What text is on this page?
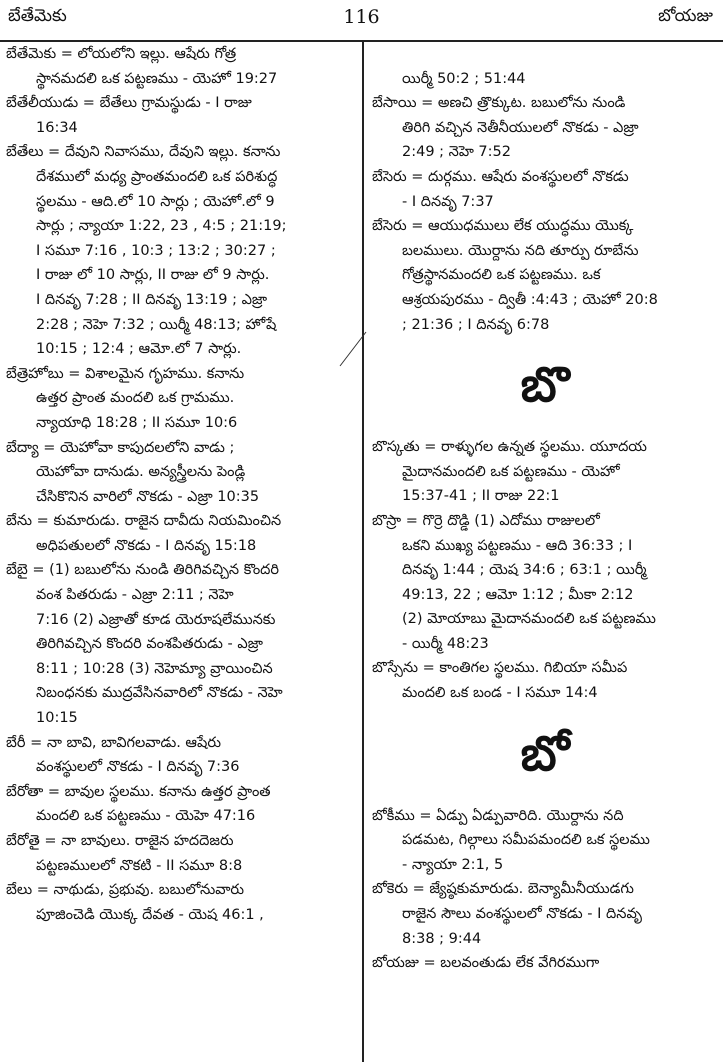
బేతేమెకు	116	బోయజు
బేతేమెకు = లోయలోని ఇల్లు. ఆషేరు గోత్ర
స్థానమదలి ఒక పట్టణము - యెహో 19:27
బేతేలీయుడు = బేతేలు గ్రామస్థుడు - I రాజు
16:34
బేతేలు = దేవుని నివాసము, దేవుని ఇల్లు. కనాను
దేశములో మధ్య ప్రాంతమందలి ఒక పరిశుద్ధ
స్థలము - ఆది.లో 10 సార్లు ; యెహో.లో 9
సార్లు ; న్యాయా 1:22, 23 , 4:5 ; 21:19;
I సమూ 7:16 , 10:3 ; 13:2 ; 30:27 ;
I రాజు లో 10 సార్లు, II రాజు లో 9 సార్లు.
I దినవృ 7:28 ; II దినవృ 13:19 ; ఎజ్రా
2:28 ; నెహె 7:32 ; యిర్మీ 48:13; హోషే
10:15 ; 12:4 ; ఆమో.లో 7 సార్లు.
బేత్రెహోబు = విశాలమైన గృహము. కనాను
ఉత్తర ప్రాంత మందలి ఒక గ్రామము.
న్యాయాధి 18:28 ; II సమూ 10:6
బేద్యా = యెహోవా కాపుదలలోని వాడు ;
యెహోవా దానుడు. అన్యస్త్రీలను పెండ్లి
చేసికొనిన వారిలో నొకడు - ఎజ్రా 10:35
బేను = కుమారుడు. రాజైన దావీదు నియమించిన
అధిపతులలో నొకడు - I దినవృ 15:18
బేబై = (1) బబులోను నుండి తిరిగివచ్చిన కొందరి
వంశ పితరుడు - ఎజ్రా 2:11 ; నెహె
7:16 (2) ఎజ్రాతో కూడ యెరూషలేమునకు
తిరిగివచ్చిన కొందరి వంశపితరుడు - ఎజ్రా
8:11 ; 10:28 (3) నెహెమ్యా వ్రాయించిన
నిబంధనకు ముద్రవేసినవారిలో నొకడు - నెహె
10:15
బేరీ = నా బావి, బావిగలవాడు. ఆషేరు
వంశస్థులలో నొకడు - I దినవృ 7:36
బేరోతా = బావుల స్థలము. కనాను ఉత్తర ప్రాంత
మందలి ఒక పట్టణము - యెహె 47:16
బేరోతై = నా బావులు. రాజైన హదదెజరు
పట్టణములలో నొకటి - II సమూ 8:8
బేలు = నాథుడు, ప్రభువు. బబులోనువారు
పూజించెడి యొక్క దేవత - యెష 46:1 ,

యిర్మీ 50:2 ; 51:44
బేసాయి = అణచి త్రొక్కుట. బబులోను నుండి
తిరిగి వచ్చిన నెతీనీయులలో నొకడు - ఎజ్రా
2:49 ; నెహె 7:52
బేసెరు = దుర్గము. ఆషేరు వంశస్థులలో నొకడు
- I దినవృ 7:37
బేసెరు = ఆయుధములు లేక యుద్ధము యొక్క
బలములు. యొర్దాను నది తూర్పు రూబేను
గోత్రస్థానమందలి ఒక పట్టణము. ఒక
ఆశ్రయపురము - ద్వితీ :4:43 ; యెహో 20:8
; 21:36 ; I దినవృ 6:78
బొ
బొస్కతు = రాళ్ళుగల ఉన్నత స్థలము. యూదయ
మైదానమందలి ఒక పట్టణము - యెహో
15:37-41 ; II రాజు 22:1
బొస్రా = గొర్రె దొడ్డి (1) ఎదోము రాజులలో
ఒకని ముఖ్య పట్టణము - ఆది 36:33 ; I
దినవృ 1:44 ; యెష 34:6 ; 63:1 ; యిర్మీ
49:13, 22 ; ఆమో 1:12 ; మీకా 2:12
(2) మోయాబు మైదానమందలి ఒక పట్టణము
- యిర్మీ 48:23
బొస్సేను = కాంతిగల స్థలము. గిబియా సమీప
మందలి ఒక బండ - I సమూ 14:4
బో
బోకీము = ఏడ్పు ఏడ్పువారిది. యొర్దాను నది
పడమట, గిల్గాలు సమీపమందలి ఒక స్థలము
- న్యాయా 2:1, 5
బోకెరు = జ్యేష్ఠకుమారుడు. బెన్యామీనీయుడగు
రాజైన సౌలు వంశస్థులలో నొకడు - I దినవృ
8:38 ; 9:44
బోయజు = బలవంతుడు లేక వేగిరముగా
